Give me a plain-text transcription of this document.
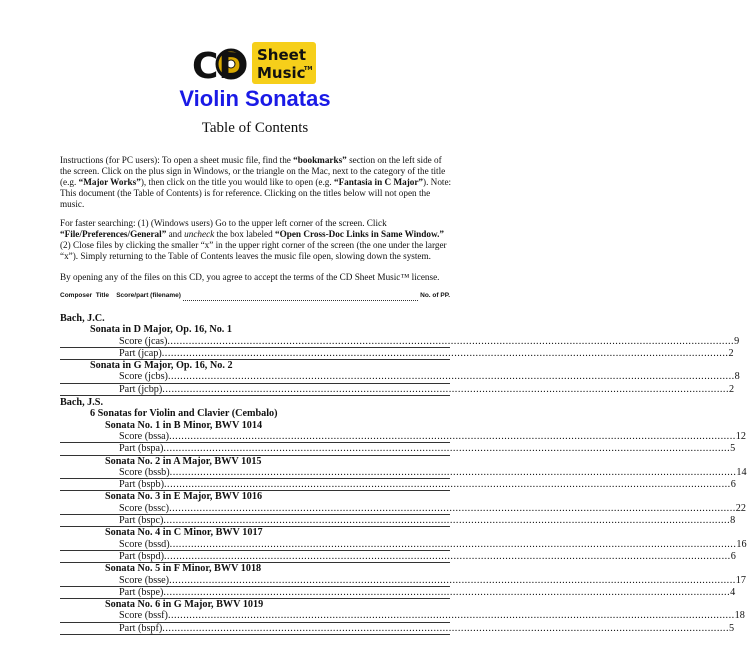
CD Sheet
Music
TM
Violin Sonatas
Table of Contents

Instructions (for PC users): To open a sheet music file, find the “bookmarks” section on the left side of the screen. Click on the plus sign in Windows, or the triangle on the Mac, next to the category of the title (e.g. “Major Works”), then click on the title you would like to open (e.g. “Fantasia in C Major”). Note: This document (the Table of Contents) is for reference. Clicking on the titles below will not open the music.

For faster searching: (1) (Windows users) Go to the upper left corner of the screen. Click “File/Preferences/General” and uncheck the box labeled “Open Cross-Doc Links in Same Window.” (2) Close files by clicking the smaller “x” in the upper right corner of the screen (the one under the larger “x”). Simply returning to the Table of Contents leaves the music file open, slowing down the system.

By opening any of the files on this CD, you agree to accept the terms of the CD Sheet Music™ license.

Composer  Title    Score/part (filename)	No. of PP.
Bach, J.C.
Sonata in D Major, Op. 16, No. 1
Score (jcas) .......................................................................................................................................................................................... 9
Part (jcap) .......................................................................................................................................................................................... 2
Sonata in G Major, Op. 16, No. 2
Score (jcbs) .......................................................................................................................................................................................... 8
Part (jcbp) .......................................................................................................................................................................................... 2
Bach, J.S.
6 Sonatas for Violin and Clavier (Cembalo)
Sonata No. 1 in B Minor, BWV 1014
Score (bssa) .......................................................................................................................................................................................... 12
Part (bspa) .......................................................................................................................................................................................... 5
Sonata No. 2 in A Major, BWV 1015
Score (bssb) .......................................................................................................................................................................................... 14
Part (bspb) .......................................................................................................................................................................................... 6
Sonata No. 3 in E Major, BWV 1016
Score (bssc) .......................................................................................................................................................................................... 22
Part (bspc) .......................................................................................................................................................................................... 8
Sonata No. 4 in C Minor, BWV 1017
Score (bssd) .......................................................................................................................................................................................... 16
Part (bspd) .......................................................................................................................................................................................... 6
Sonata No. 5 in F Minor, BWV 1018
Score (bsse) .......................................................................................................................................................................................... 17
Part (bspe) .......................................................................................................................................................................................... 4
Sonata No. 6 in G Major, BWV 1019
Score (bssf) .......................................................................................................................................................................................... 18
Part (bspf) .......................................................................................................................................................................................... 5
